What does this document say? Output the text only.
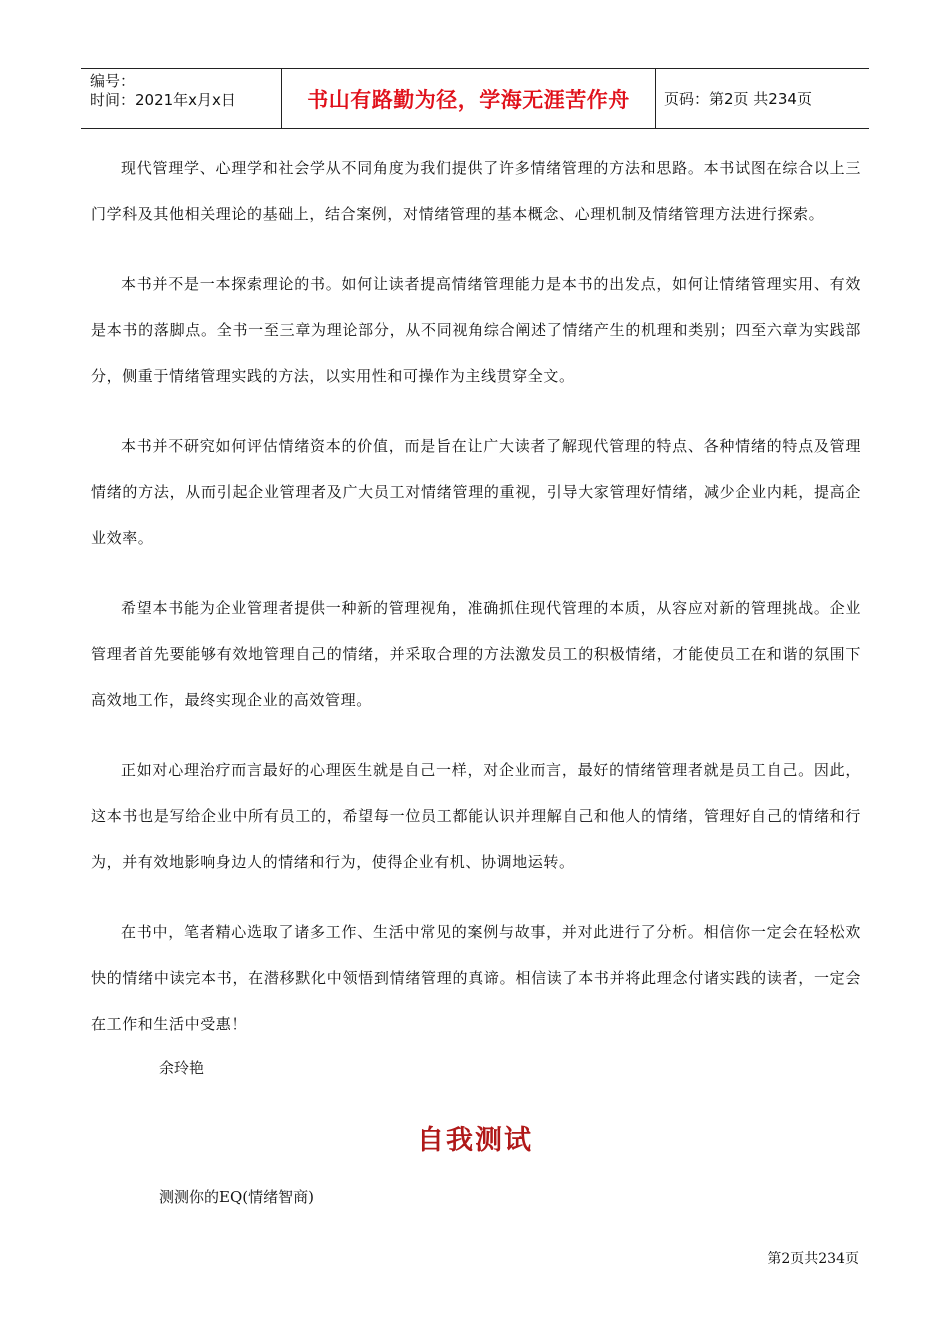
编号：
时间：2021年x月x日	书山有路勤为径，学海无涯苦作舟 页码：第2页 共234页

现代管理学、心理学和社会学从不同角度为我们提供了许多情绪管理的方法和思路。本书试图在综合以上三门学科及其他相关理论的基础上，结合案例，对情绪管理的基本概念、心理机制及情绪管理方法进行探索。

本书并不是一本探索理论的书。如何让读者提高情绪管理能力是本书的出发点，如何让情绪管理实用、有效是本书的落脚点。全书一至三章为理论部分，从不同视角综合阐述了情绪产生的机理和类别；四至六章为实践部分，侧重于情绪管理实践的方法，以实用性和可操作为主线贯穿全文。

本书并不研究如何评估情绪资本的价值，而是旨在让广大读者了解现代管理的特点、各种情绪的特点及管理情绪的方法，从而引起企业管理者及广大员工对情绪管理的重视，引导大家管理好情绪，减少企业内耗，提高企业效率。

希望本书能为企业管理者提供一种新的管理视角，准确抓住现代管理的本质，从容应对新的管理挑战。企业管理者首先要能够有效地管理自己的情绪，并采取合理的方法激发员工的积极情绪，才能使员工在和谐的氛围下高效地工作，最终实现企业的高效管理。

正如对心理治疗而言最好的心理医生就是自己一样，对企业而言，最好的情绪管理者就是员工自己。因此，这本书也是写给企业中所有员工的，希望每一位员工都能认识并理解自己和他人的情绪，管理好自己的情绪和行为，并有效地影响身边人的情绪和行为，使得企业有机、协调地运转。

在书中，笔者精心选取了诸多工作、生活中常见的案例与故事，并对此进行了分析。相信你一定会在轻松欢快的情绪中读完本书，在潜移默化中领悟到情绪管理的真谛。相信读了本书并将此理念付诸实践的读者，一定会在工作和生活中受惠！

余玲艳
自我测试
测测你的EQ(情绪智商)
第2页共234页
